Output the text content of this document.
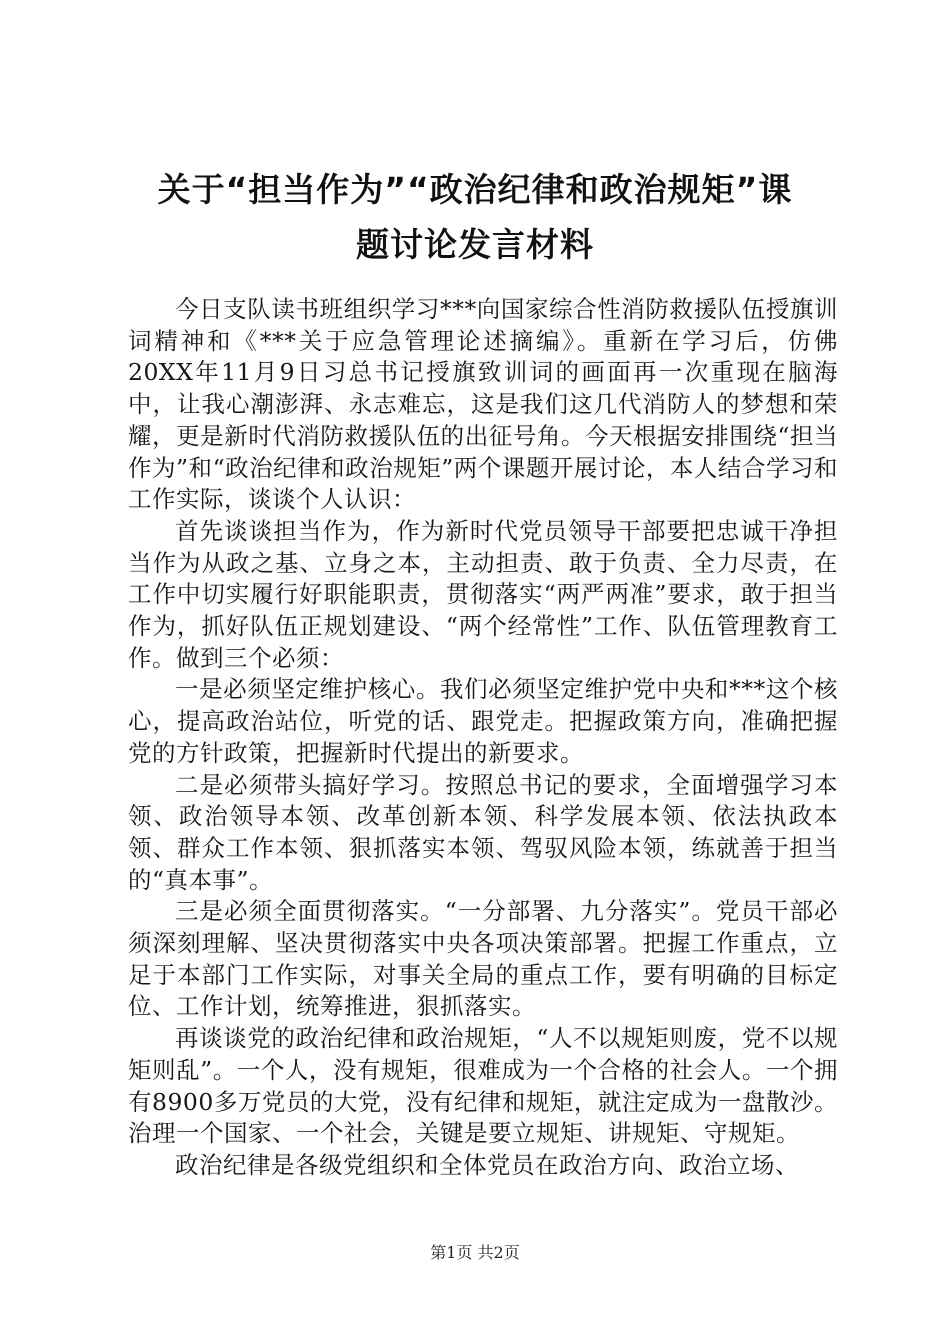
关于“担当作为”“政治纪律和政治规矩”课
题讨论发言材料

今日支队读书班组织学习***向国家综合性消防救援队伍授旗训词精神和《***关于应急管理论述摘编》。重新在学习后，仿佛20XX年11月9日习总书记授旗致训词的画面再一次重现在脑海中，让我心潮澎湃、永志难忘，这是我们这几代消防人的梦想和荣耀，更是新时代消防救援队伍的出征号角。今天根据安排围绕“担当作为”和“政治纪律和政治规矩”两个课题开展讨论，本人结合学习和工作实际，谈谈个人认识：

首先谈谈担当作为，作为新时代党员领导干部要把忠诚干净担当作为从政之基、立身之本，主动担责、敢于负责、全力尽责，在工作中切实履行好职能职责，贯彻落实“两严两准”要求，敢于担当作为，抓好队伍正规划建设、“两个经常性”工作、队伍管理教育工作。做到三个必须：

一是必须坚定维护核心。我们必须坚定维护党中央和***这个核心，提高政治站位，听党的话、跟党走。把握政策方向，准确把握党的方针政策，把握新时代提出的新要求。

二是必须带头搞好学习。按照总书记的要求，全面增强学习本领、政治领导本领、改革创新本领、科学发展本领、依法执政本领、群众工作本领、狠抓落实本领、驾驭风险本领，练就善于担当的“真本事”。

三是必须全面贯彻落实。“一分部署、九分落实”。党员干部必须深刻理解、坚决贯彻落实中央各项决策部署。把握工作重点，立足于本部门工作实际，对事关全局的重点工作，要有明确的目标定位、工作计划，统筹推进，狠抓落实。

再谈谈党的政治纪律和政治规矩，“人不以规矩则废，党不以规矩则乱”。一个人，没有规矩，很难成为一个合格的社会人。一个拥有8900多万党员的大党，没有纪律和规矩，就注定成为一盘散沙。治理一个国家、一个社会，关键是要立规矩、讲规矩、守规矩。

政治纪律是各级党组织和全体党员在政治方向、政治立场、

第1页 共2页
